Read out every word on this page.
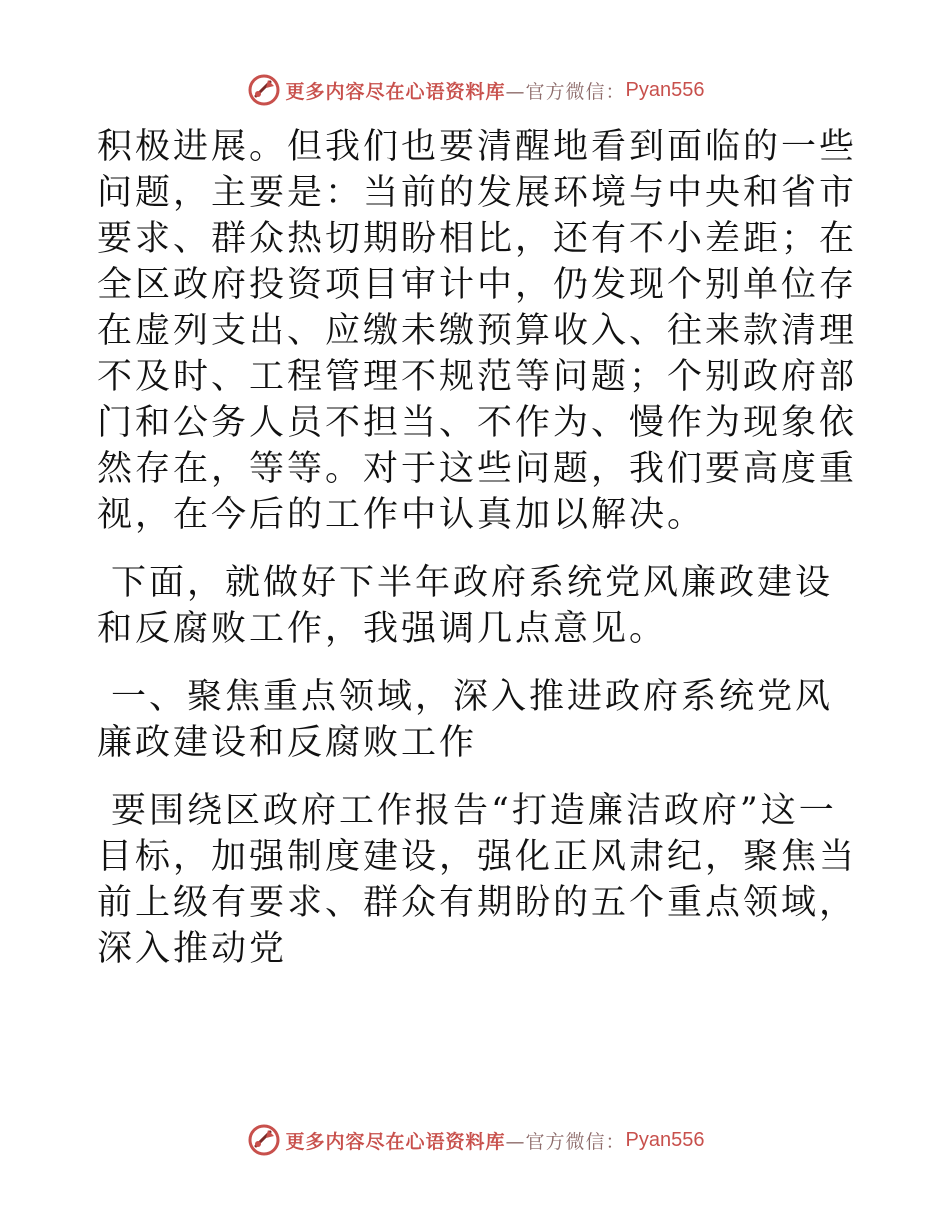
更多内容尽在心语资料库 —官方微信： Pyan556

积极进展。但我们也要清醒地看到面临的一些问题，主要是：当前的发展环境与中央和省市要求、群众热切期盼相比，还有不小差距；在全区政府投资项目审计中，仍发现个别单位存在虚列支出、应缴未缴预算收入、往来款清理不及时、工程管理不规范等问题；个别政府部门和公务人员不担当、不作为、慢作为现象依然存在，等等。对于这些问题，我们要高度重视，在今后的工作中认真加以解决。

下面，就做好下半年政府系统党风廉政建设和反腐败工作，我强调几点意见。

一、聚焦重点领域，深入推进政府系统党风廉政建设和反腐败工作

要围绕区政府工作报告“打造廉洁政府”这一目标，加强制度建设，强化正风肃纪，聚焦当前上级有要求、群众有期盼的五个重点领域，深入推动党

更多内容尽在心语资料库 —官方微信： Pyan556
